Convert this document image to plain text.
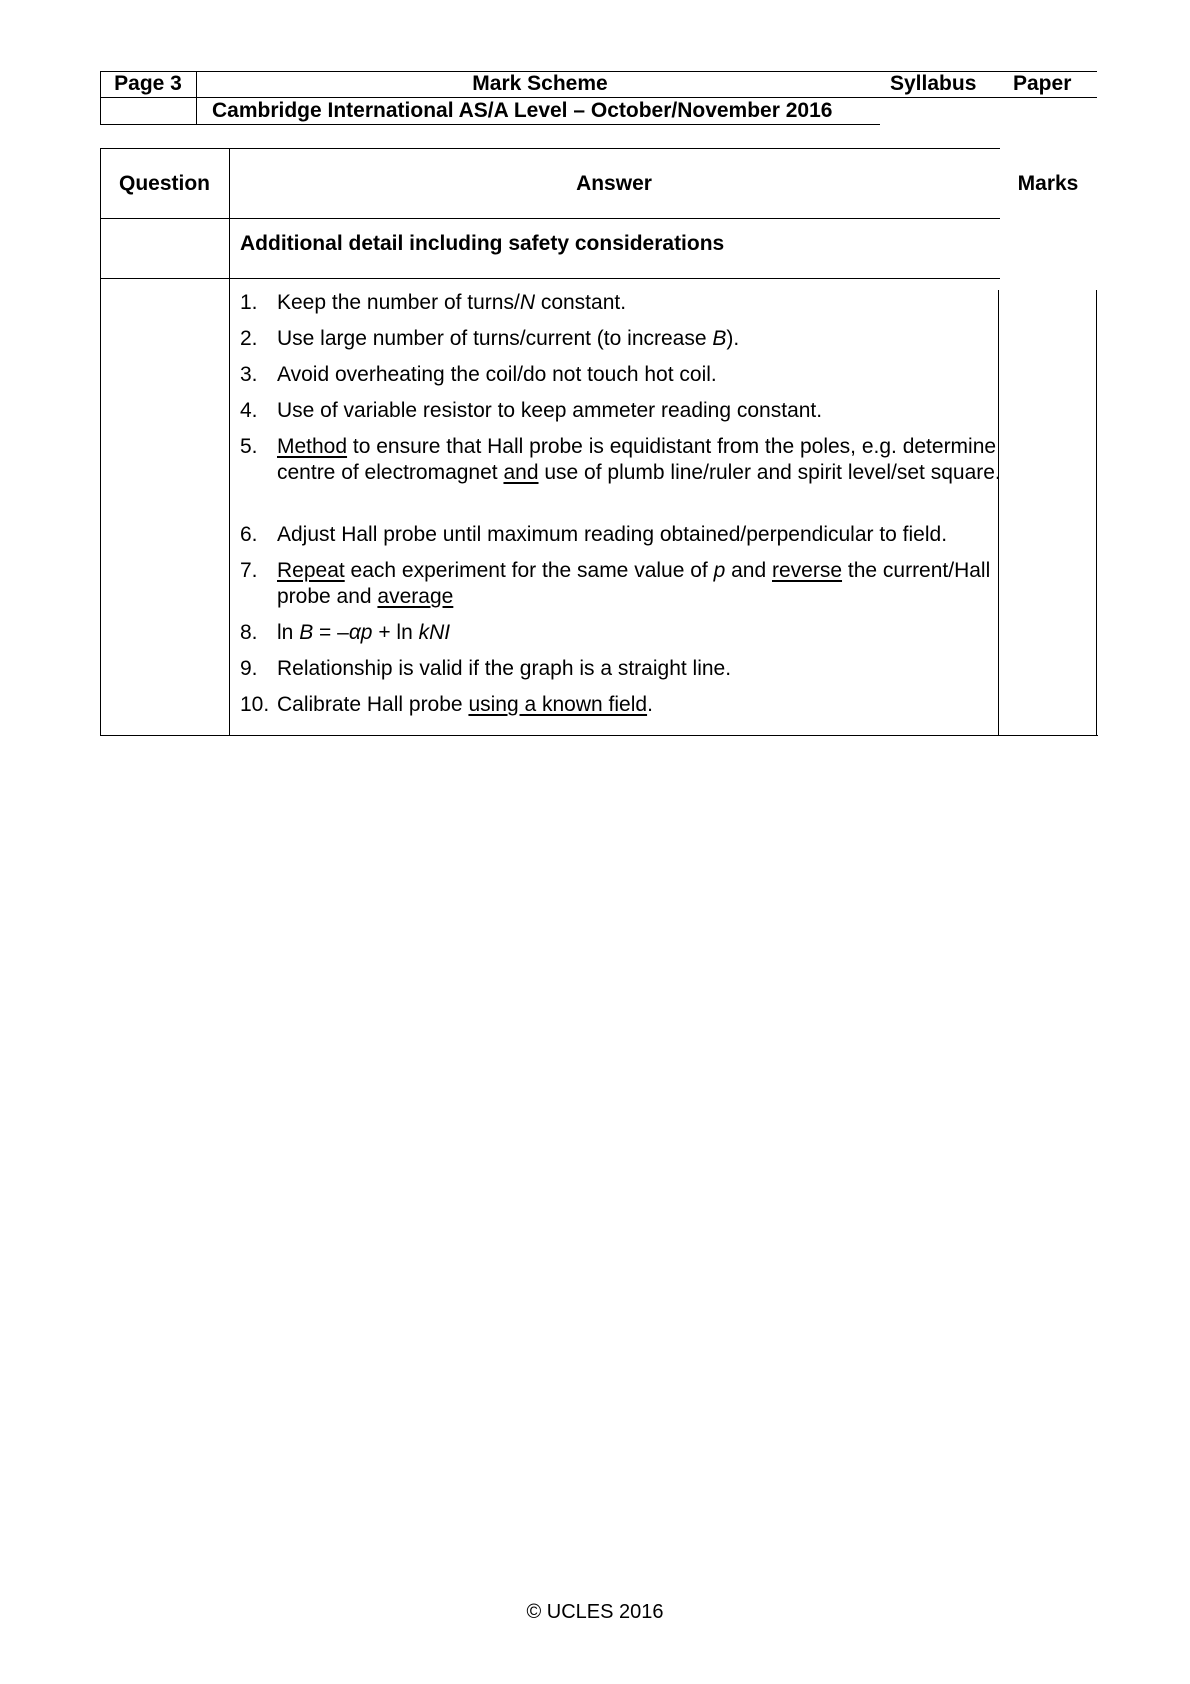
Page 3	Mark Scheme	Syllabus Paper
Cambridge International AS/A Level – October/November 2016
Question	Answer	Marks
Additional detail including safety considerations
1. Keep the number of turns/N constant.
2. Use large number of turns/current (to increase B).
3. Avoid overheating the coil/do not touch hot coil.
4. Use of variable resistor to keep ammeter reading constant.
5. Method to ensure that Hall probe is equidistant from the poles, e.g. determine centre of electromagnet and use of plumb line/ruler and spirit level/set square.
6. Adjust Hall probe until maximum reading obtained/perpendicular to field.
7. Repeat each experiment for the same value of p and reverse the current/Hall probe and average
8. ln B = –αp + ln kNI
9. Relationship is valid if the graph is a straight line.
10. Calibrate Hall probe using a known field.
© UCLES 2016
